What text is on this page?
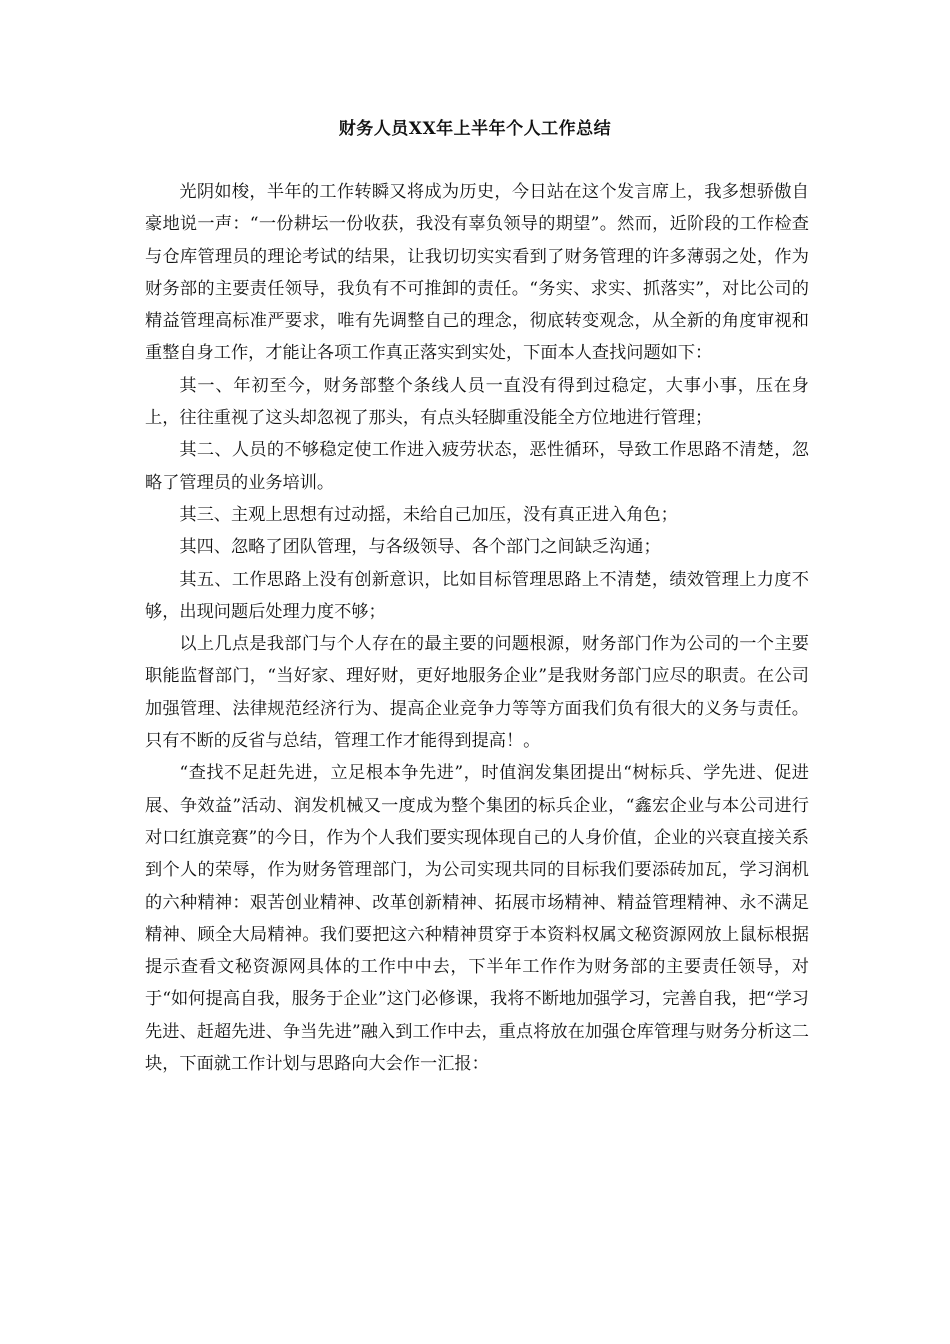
财务人员XX年上半年个人工作总结

光阴如梭，半年的工作转瞬又将成为历史，今日站在这个发言席上，我多想骄傲自豪地说一声：“一份耕坛一份收获，我没有辜负领导的期望”。然而，近阶段的工作检查与仓库管理员的理论考试的结果，让我切切实实看到了财务管理的许多薄弱之处，作为财务部的主要责任领导，我负有不可推卸的责任。“务实、求实、抓落实”，对比公司的精益管理高标准严要求，唯有先调整自己的理念，彻底转变观念，从全新的角度审视和重整自身工作，才能让各项工作真正落实到实处，下面本人查找问题如下：

其一、年初至今，财务部整个条线人员一直没有得到过稳定，大事小事，压在身上，往往重视了这头却忽视了那头，有点头轻脚重没能全方位地进行管理；

其二、人员的不够稳定使工作进入疲劳状态，恶性循环，导致工作思路不清楚，忽略了管理员的业务培训。

其三、主观上思想有过动摇，未给自己加压，没有真正进入角色；

其四、忽略了团队管理，与各级领导、各个部门之间缺乏沟通；

其五、工作思路上没有创新意识，比如目标管理思路上不清楚，绩效管理上力度不够，出现问题后处理力度不够；

以上几点是我部门与个人存在的最主要的问题根源，财务部门作为公司的一个主要职能监督部门，“当好家、理好财，更好地服务企业”是我财务部门应尽的职责。在公司加强管理、法律规范经济行为、提高企业竞争力等等方面我们负有很大的义务与责任。只有不断的反省与总结，管理工作才能得到提高！。

“查找不足赶先进，立足根本争先进”，时值润发集团提出“树标兵、学先进、促进展、争效益”活动、润发机械又一度成为整个集团的标兵企业，“鑫宏企业与本公司进行对口红旗竞赛”的今日，作为个人我们要实现体现自己的人身价值，企业的兴衰直接关系到个人的荣辱，作为财务管理部门，为公司实现共同的目标我们要添砖加瓦，学习润机的六种精神：艰苦创业精神、改革创新精神、拓展市场精神、精益管理精神、永不满足精神、顾全大局精神。我们要把这六种精神贯穿于本资料权属文秘资源网放上鼠标根据提示查看文秘资源网具体的工作中中去，下半年工作作为财务部的主要责任领导，对于“如何提高自我，服务于企业”这门必修课，我将不断地加强学习，完善自我，把“学习先进、赶超先进、争当先进”融入到工作中去，重点将放在加强仓库管理与财务分析这二块，下面就工作计划与思路向大会作一汇报：
